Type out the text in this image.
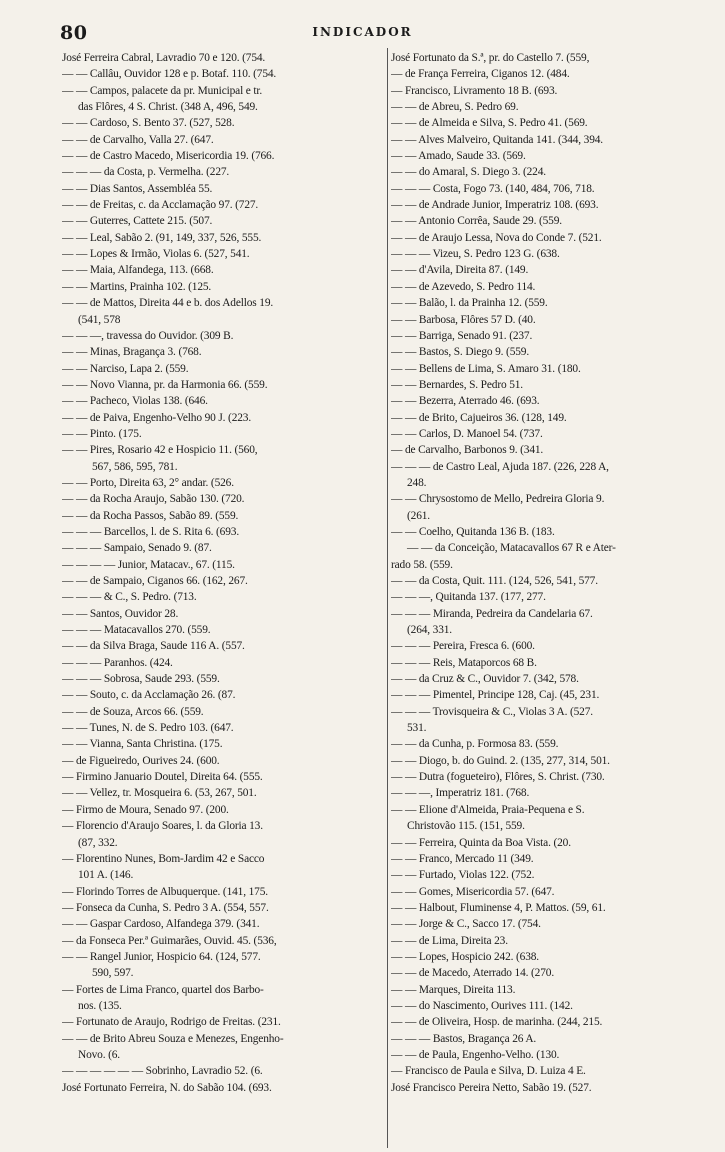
80	INDICADOR
José Ferreira Cabral, Lavradio 70 e 120. (754.
— — Callâu, Ouvidor 128 e p. Botaf. 110. (754.
— — Campos, palacete da pr. Municipal e tr.
das Flôres, 4 S. Christ. (348 A, 496, 549.
— — Cardoso, S. Bento 37. (527, 528.
— — de Carvalho, Valla 27. (647.
— — de Castro Macedo, Misericordia 19. (766.
— — — da Costa, p. Vermelha. (227.
— — Dias Santos, Assembléa 55.
— — de Freitas, c. da Acclamação 97. (727.
— — Guterres, Cattete 215. (507.
— — Leal, Sabão 2. (91, 149, 337, 526, 555.
— — Lopes & Irmão, Violas 6. (527, 541.
— — Maia, Alfandega, 113. (668.
— — Martins, Prainha 102. (125.
— — de Mattos, Direita 44 e b. dos Adellos 19.
(541, 578
— — —, travessa do Ouvidor. (309 B.
— — Minas, Bragança 3. (768.
— — Narciso, Lapa 2. (559.
— — Novo Vianna, pr. da Harmonia 66. (559.
— — Pacheco, Violas 138. (646.
— — de Paiva, Engenho-Velho 90 J. (223.
— — Pinto. (175.
— — Pires, Rosario 42 e Hospicio 11. (560,
567, 586, 595, 781.
— — Porto, Direita 63, 2° andar. (526.
— — da Rocha Araujo, Sabão 130. (720.
— — da Rocha Passos, Sabão 89. (559.
— — — Barcellos, l. de S. Rita 6. (693.
— — — Sampaio, Senado 9. (87.
— — — — Junior, Matacav., 67. (115.
— — de Sampaio, Ciganos 66. (162, 267.
— — — & C., S. Pedro. (713.
— — Santos, Ouvidor 28.
— — — Matacavallos 270. (559.
— — da Silva Braga, Saude 116 A. (557.
— — — Paranhos. (424.
— — — Sobrosa, Saude 293. (559.
— — Souto, c. da Acclamação 26. (87.
— — de Souza, Arcos 66. (559.
— — Tunes, N. de S. Pedro 103. (647.
— — Vianna, Santa Christina. (175.
— de Figueiredo, Ourives 24. (600.
— Firmino Januario Doutel, Direita 64. (555.
— — Vellez, tr. Mosqueira 6. (53, 267, 501.
— Firmo de Moura, Senado 97. (200.
— Florencio d'Araujo Soares, l. da Gloria 13.
(87, 332.
— Florentino Nunes, Bom-Jardim 42 e Sacco
101 A. (146.
— Florindo Torres de Albuquerque. (141, 175.
— Fonseca da Cunha, S. Pedro 3 A. (554, 557.
— — Gaspar Cardoso, Alfandega 379. (341.
— da Fonseca Per.ª Guimarães, Ouvid. 45. (536,
— — Rangel Junior, Hospicio 64. (124, 577.
590, 597.
— Fortes de Lima Franco, quartel dos Barbo-
nos. (135.
— Fortunato de Araujo, Rodrigo de Freitas. (231.
— — de Brito Abreu Souza e Menezes, Engenho-
Novo. (6.
— — — — — — Sobrinho, Lavradio 52. (6.
José Fortunato Ferreira, N. do Sabão 104. (693.
José Fortunato da S.ª, pr. do Castello 7. (559,
— de França Ferreira, Ciganos 12. (484.
— Francisco, Livramento 18 B. (693.
— — de Abreu, S. Pedro 69.
— — de Almeida e Silva, S. Pedro 41. (569.
— — Alves Malveiro, Quitanda 141. (344, 394.
— — Amado, Saude 33. (569.
— — do Amaral, S. Diego 3. (224.
— — — Costa, Fogo 73. (140, 484, 706, 718.
— — de Andrade Junior, Imperatriz 108. (693.
— — Antonio Corrêa, Saude 29. (559.
— — de Araujo Lessa, Nova do Conde 7. (521.
— — — Vizeu, S. Pedro 123 G. (638.
— — d'Avila, Direita 87. (149.
— — de Azevedo, S. Pedro 114.
— — Balão, l. da Prainha 12. (559.
— — Barbosa, Flôres 57 D. (40.
— — Barriga, Senado 91. (237.
— — Bastos, S. Diego 9. (559.
— — Bellens de Lima, S. Amaro 31. (180.
— — Bernardes, S. Pedro 51.
— — Bezerra, Aterrado 46. (693.
— — de Brito, Cajueiros 36. (128, 149.
— — Carlos, D. Manoel 54. (737.
— de Carvalho, Barbonos 9. (341.
— — — de Castro Leal, Ajuda 187. (226, 228 A,
248.
— — Chrysostomo de Mello, Pedreira Gloria 9.
(261.
— — Coelho, Quitanda 136 B. (183.
— — da Conceição, Matacavallos 67 R e Ater-
rado 58. (559.
— — da Costa, Quit. 111. (124, 526, 541, 577.
— — —, Quitanda 137. (177, 277.
— — — Miranda, Pedreira da Candelaria 67.
(264, 331.
— — — Pereira, Fresca 6. (600.
— — — Reis, Mataporcos 68 B.
— — da Cruz & C., Ouvidor 7. (342, 578.
— — — Pimentel, Principe 128, Caj. (45, 231.
— — — Trovisqueira & C., Violas 3 A. (527.
531.
— — da Cunha, p. Formosa 83. (559.
— — Diogo, b. do Guind. 2. (135, 277, 314, 501.
— — Dutra (fogueteiro), Flôres, S. Christ. (730.
— — —, Imperatriz 181. (768.
— — Elione d'Almeida, Praia-Pequena e S.
Christovão 115. (151, 559.
— — Ferreira, Quinta da Boa Vista. (20.
— — Franco, Mercado 11 (349.
— — Furtado, Violas 122. (752.
— — Gomes, Misericordia 57. (647.
— — Halbout, Fluminense 4, P. Mattos. (59, 61.
— — Jorge & C., Sacco 17. (754.
— — de Lima, Direita 23.
— — Lopes, Hospicio 242. (638.
— — de Macedo, Aterrado 14. (270.
— — Marques, Direita 113.
— — do Nascimento, Ourives 111. (142.
— — de Oliveira, Hosp. de marinha. (244, 215.
— — — Bastos, Bragança 26 A.
— — de Paula, Engenho-Velho. (130.
— Francisco de Paula e Silva, D. Luiza 4 E.
José Francisco Pereira Netto, Sabão 19. (527.
